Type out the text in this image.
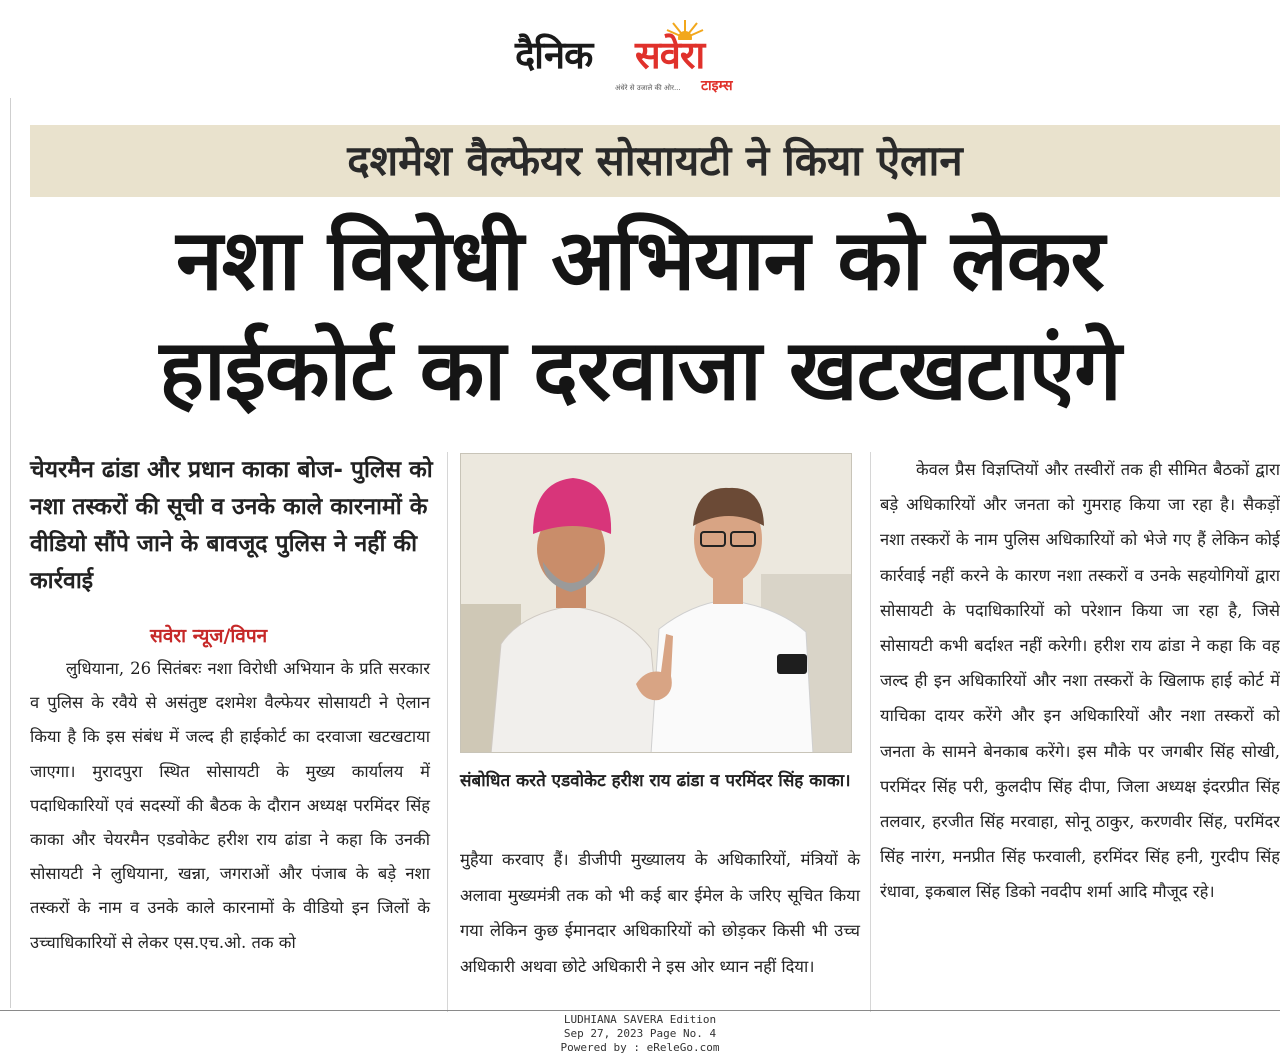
दैनिक सवेरा
अंधेरे से उजाले की ओर... टाइम्स
दशमेश वैल्फेयर सोसायटी ने किया ऐलान
नशा विरोधी अभियान को लेकर
हाईकोर्ट का दरवाजा खटखटाएंगे
चेयरमैन ढांडा और प्रधान काका बोज- पुलिस को नशा तस्करों की सूची व उनके काले कारनामों के वीडियो सौंपे जाने के बावजूद पुलिस ने नहीं की कार्रवाई
सवेरा न्यूज/विपन
लुधियाना, 26 सितंबरः नशा विरोधी अभियान के प्रति सरकार व पुलिस के रवैये से असंतुष्ट दशमेश वैल्फेयर सोसायटी ने ऐलान किया है कि इस संबंध में जल्द ही हाईकोर्ट का दरवाजा खटखटाया जाएगा। मुरादपुरा स्थित सोसायटी के मुख्य कार्यालय में पदाधिकारियों एवं सदस्यों की बैठक के दौरान अध्यक्ष परमिंदर सिंह काका और चेयरमैन एडवोकेट हरीश राय ढांडा ने कहा कि उनकी सोसायटी ने लुधियाना, खन्ना, जगराओं और पंजाब के बड़े नशा तस्करों के नाम व उनके काले कारनामों के वीडियो इन जिलों के उच्चाधिकारियों से लेकर एस.एच.ओ. तक को
संबोधित करते एडवोकेट हरीश राय ढांडा व परमिंदर सिंह काका।
मुहैया करवाए हैं। डीजीपी मुख्यालय के अधिकारियों, मंत्रियों के अलावा मुख्यमंत्री तक को भी कई बार ईमेल के जरिए सूचित किया गया लेकिन कुछ ईमानदार अधिकारियों को छोड़कर किसी भी उच्च अधिकारी अथवा छोटे अधिकारी ने इस ओर ध्यान नहीं दिया।
केवल प्रैस विज्ञप्तियों और तस्वीरों तक ही सीमित बैठकों द्वारा बड़े अधिकारियों और जनता को गुमराह किया जा रहा है। सैकड़ों नशा तस्करों के नाम पुलिस अधिकारियों को भेजे गए हैं लेकिन कोई कार्रवाई नहीं करने के कारण नशा तस्करों व उनके सहयोगियों द्वारा सोसायटी के पदाधिकारियों को परेशान किया जा रहा है, जिसे सोसायटी कभी बर्दाश्त नहीं करेगी। हरीश राय ढांडा ने कहा कि वह जल्द ही इन अधिकारियों और नशा तस्करों के खिलाफ हाई कोर्ट में याचिका दायर करेंगे और इन अधिकारियों और नशा तस्करों को जनता के सामने बेनकाब करेंगे। इस मौके पर जगबीर सिंह सोखी, परमिंदर सिंह परी, कुलदीप सिंह दीपा, जिला अध्यक्ष इंदरप्रीत सिंह तलवार, हरजीत सिंह मरवाहा, सोनू ठाकुर, करणवीर सिंह, परमिंदर सिंह नारंग, मनप्रीत सिंह फरवाली, हरमिंदर सिंह हनी, गुरदीप सिंह रंधावा, इकबाल सिंह डिको नवदीप शर्मा आदि मौजूद रहे।
LUDHIANA SAVERA Edition
Sep 27, 2023 Page No. 4
Powered by : eReleGo.com
